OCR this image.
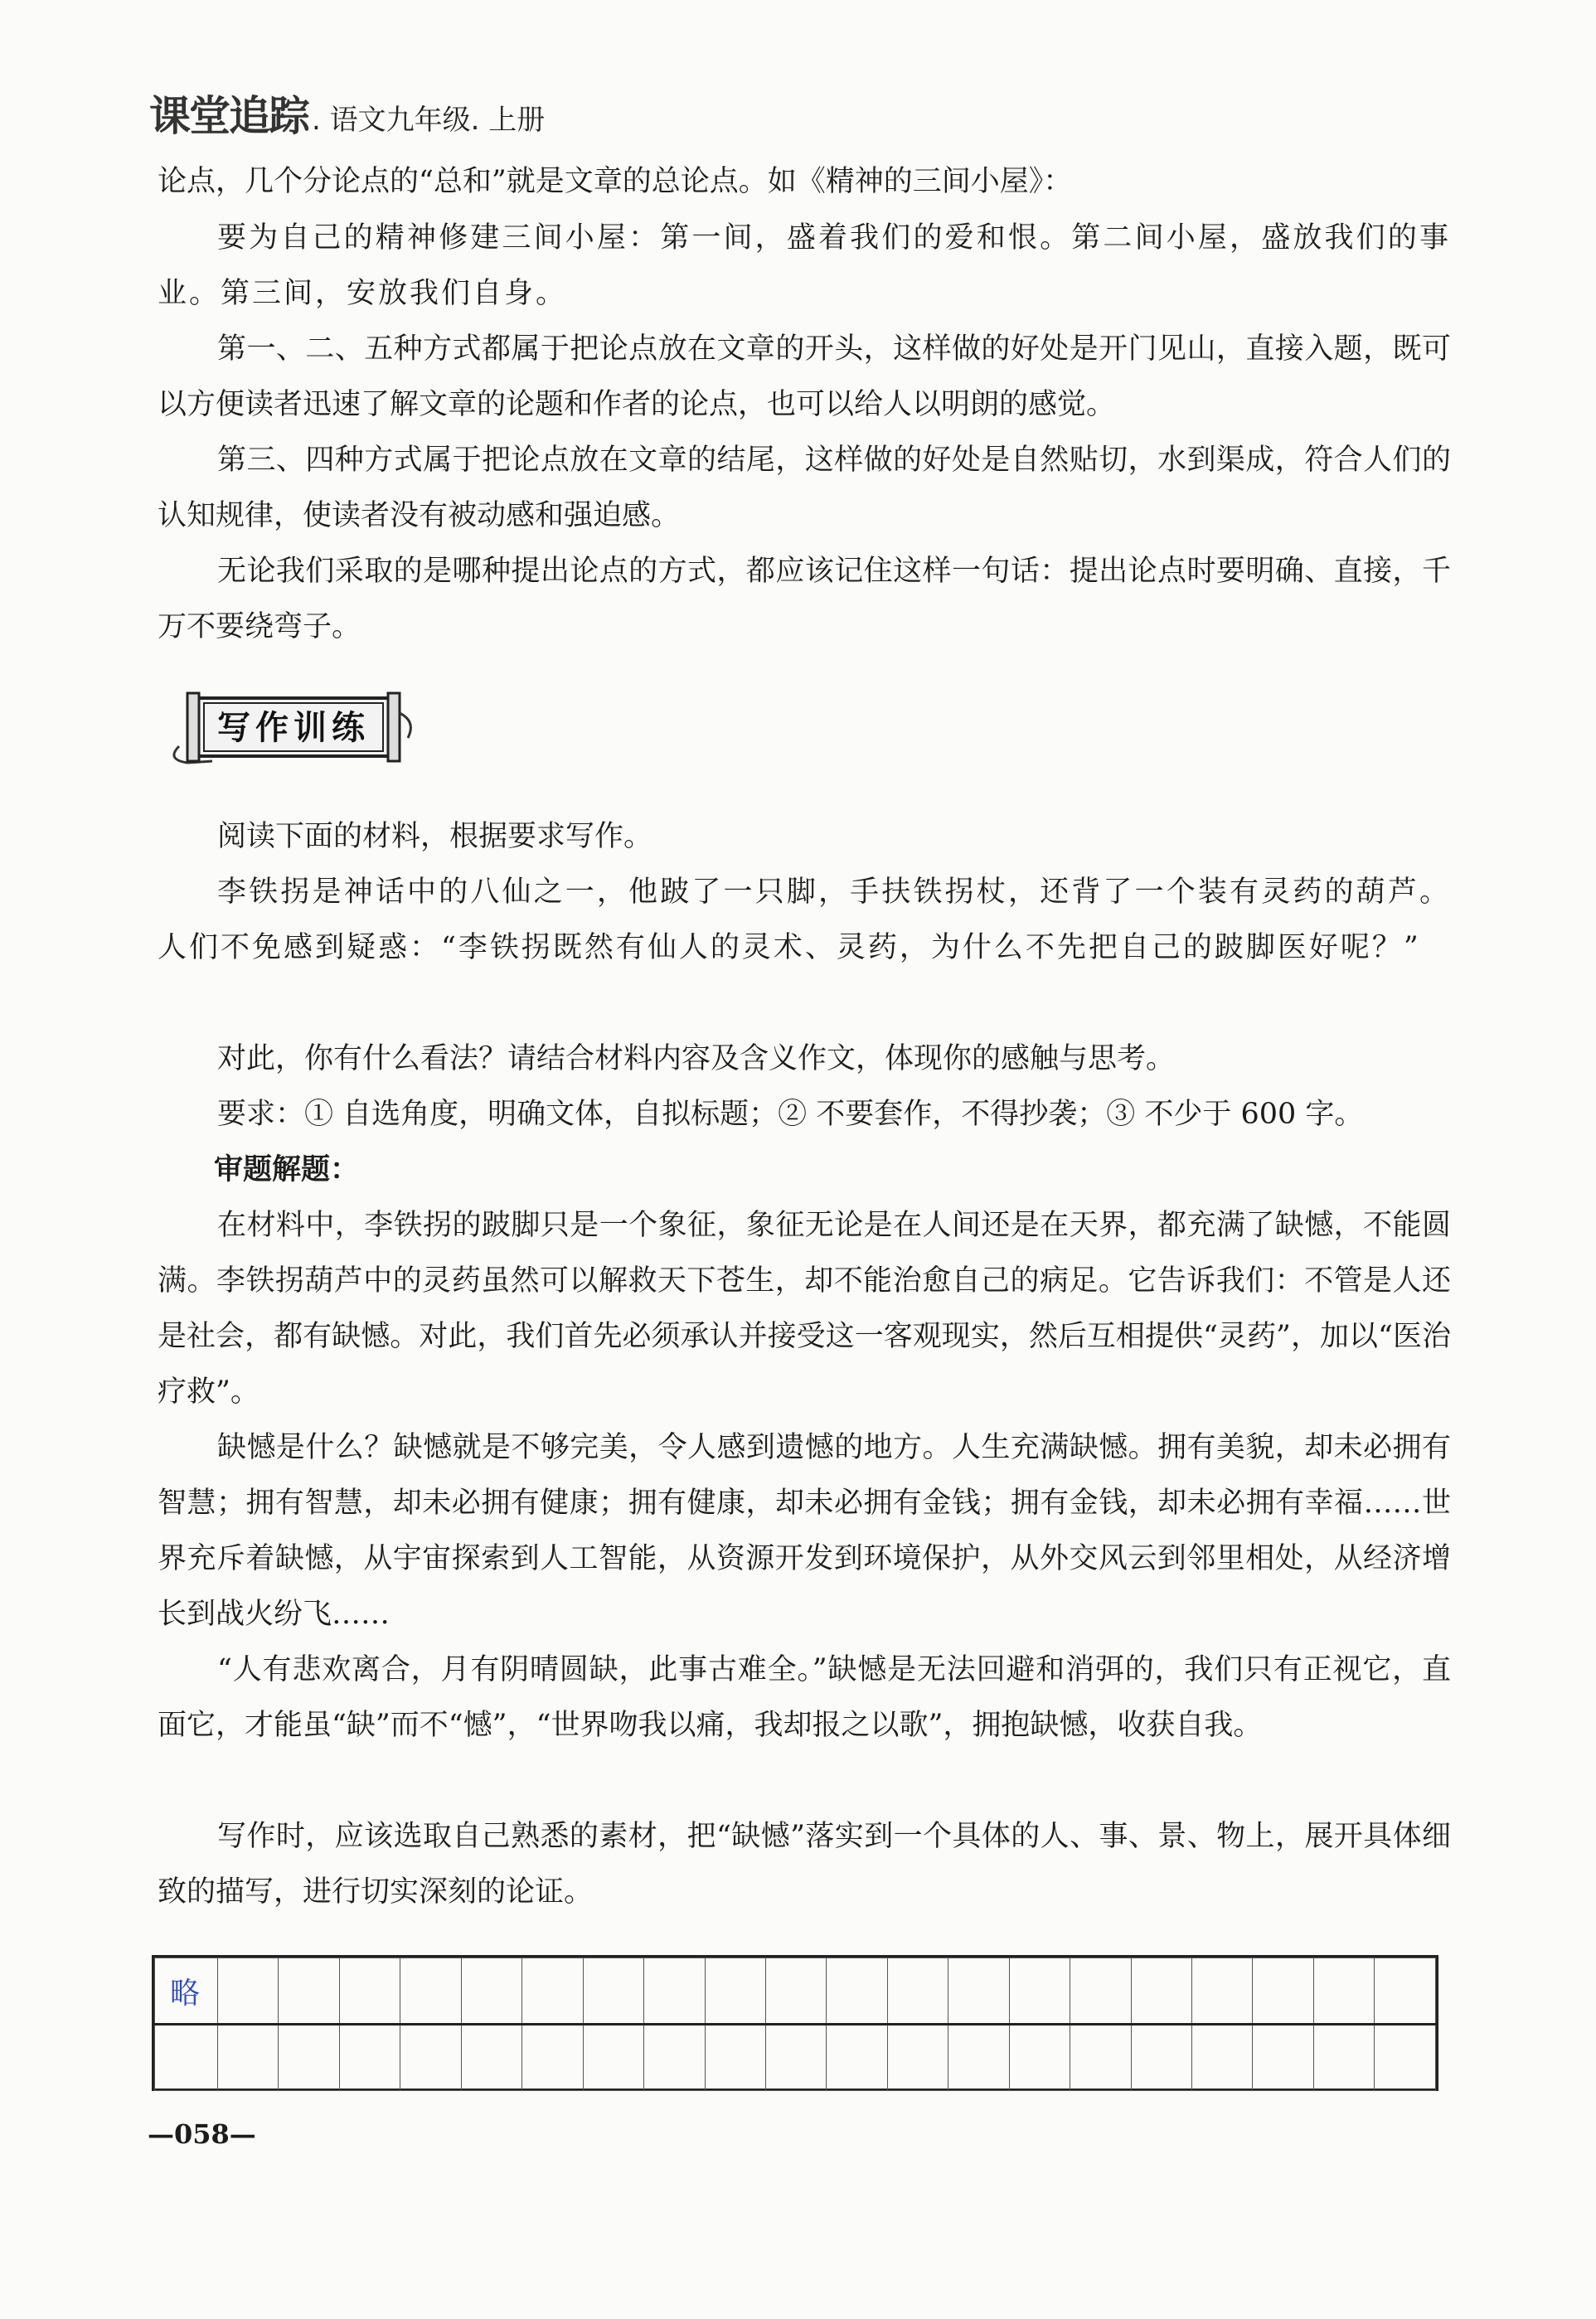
课堂追踪 . 语文九年级. 上册

论点，几个分论点的“总和”就是文章的总论点。如《精神的三间小屋》：

要为自己的精神修建三间小屋：第一间，盛着我们的爱和恨。第二间小屋，盛放我们的事业。第三间，安放我们自身。

第一、二、五种方式都属于把论点放在文章的开头，这样做的好处是开门见山，直接入题，既可以方便读者迅速了解文章的论题和作者的论点，也可以给人以明朗的感觉。

第三、四种方式属于把论点放在文章的结尾，这样做的好处是自然贴切，水到渠成，符合人们的认知规律，使读者没有被动感和强迫感。

无论我们采取的是哪种提出论点的方式，都应该记住这样一句话：提出论点时要明确、直接，千万不要绕弯子。

写作训练

阅读下面的材料，根据要求写作。

李铁拐是神话中的八仙之一，他跛了一只脚，手扶铁拐杖，还背了一个装有灵药的葫芦。人们不免感到疑惑：“李铁拐既然有仙人的灵术、灵药，为什么不先把自己的跛脚医好呢？”

对此，你有什么看法？请结合材料内容及含义作文，体现你的感触与思考。

要求：① 自选角度，明确文体，自拟标题；② 不要套作，不得抄袭；③ 不少于 600 字。

审题解题：

在材料中，李铁拐的跛脚只是一个象征，象征无论是在人间还是在天界，都充满了缺憾，不能圆满。李铁拐葫芦中的灵药虽然可以解救天下苍生，却不能治愈自己的病足。它告诉我们：不管是人还是社会，都有缺憾。对此，我们首先必须承认并接受这一客观现实，然后互相提供“灵药”，加以“医治疗救”。

缺憾是什么？缺憾就是不够完美，令人感到遗憾的地方。人生充满缺憾。拥有美貌，却未必拥有智慧；拥有智慧，却未必拥有健康；拥有健康，却未必拥有金钱；拥有金钱，却未必拥有幸福……世界充斥着缺憾，从宇宙探索到人工智能，从资源开发到环境保护，从外交风云到邻里相处，从经济增长到战火纷飞……

“人有悲欢离合，月有阴晴圆缺，此事古难全。”缺憾是无法回避和消弭的，我们只有正视它，直面它，才能虽“缺”而不“憾”，“世界吻我以痛，我却报之以歌”，拥抱缺憾，收获自我。

写作时，应该选取自己熟悉的素材，把“缺憾”落实到一个具体的人、事、景、物上，展开具体细致的描写，进行切实深刻的论证。

略																				

—058—
